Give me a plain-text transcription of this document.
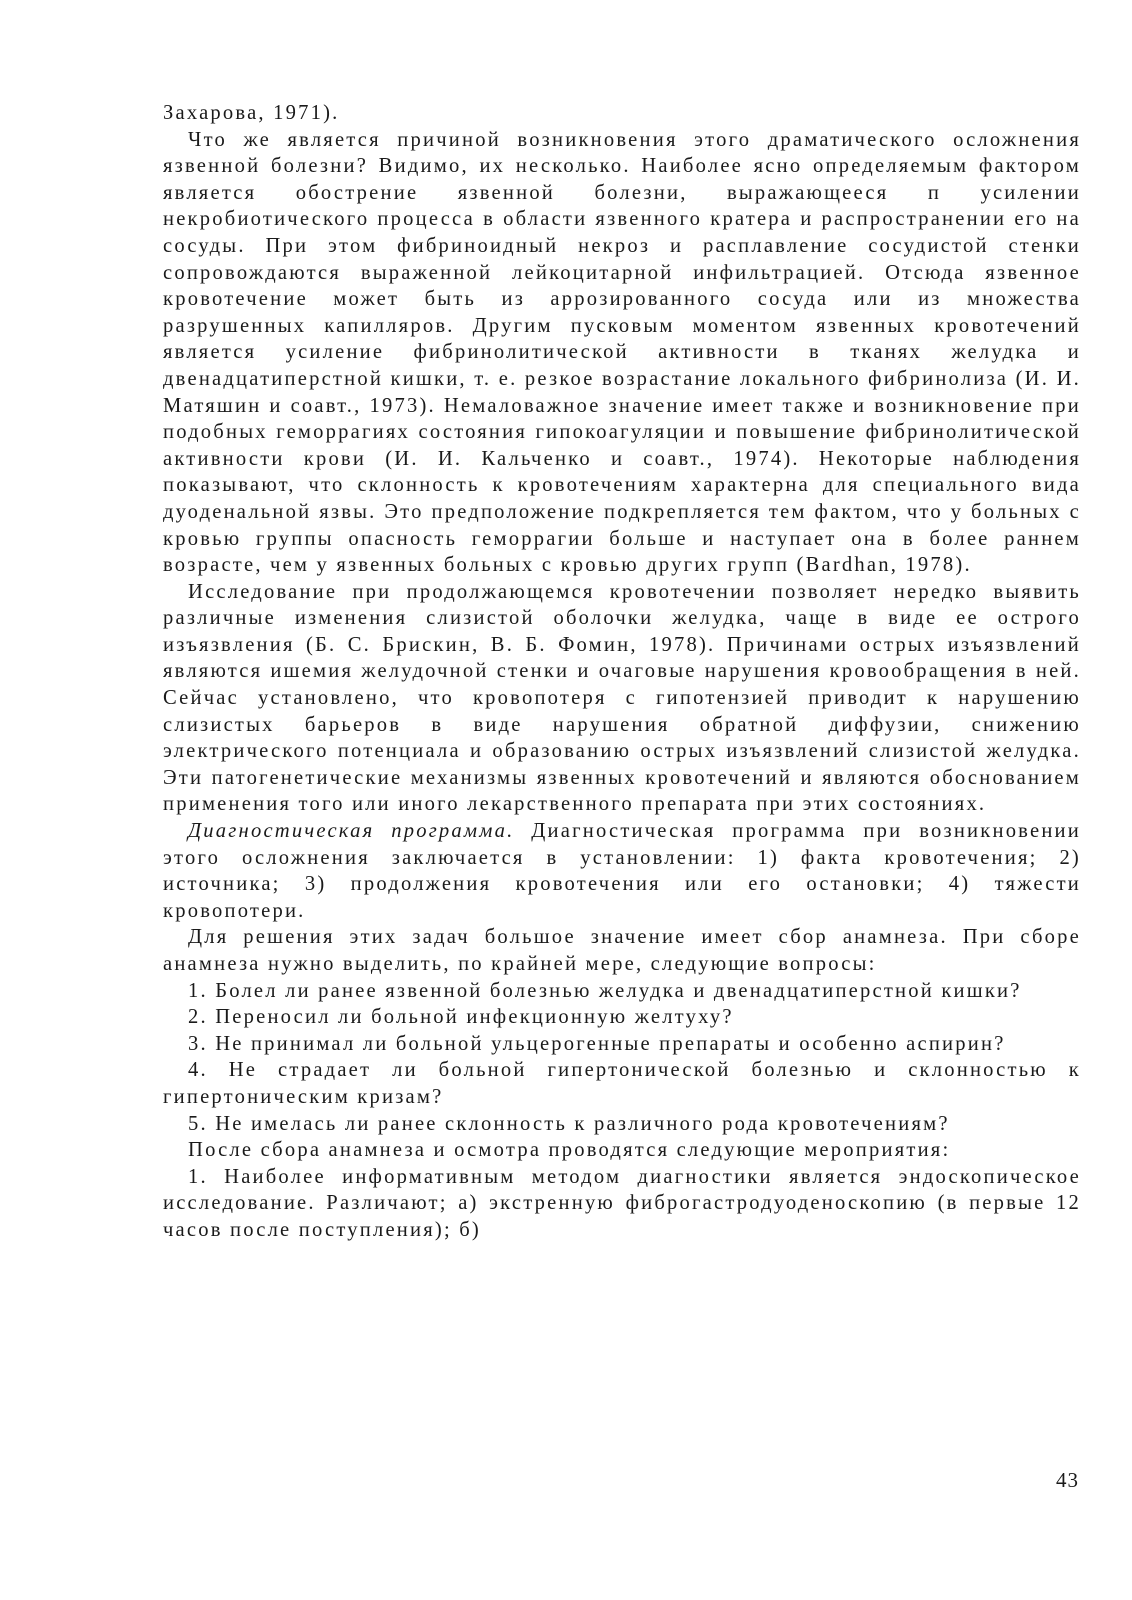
Захарова, 1971).

Что же является причиной возникновения этого драматического осложнения язвенной болезни? Видимо, их несколько. Наиболее ясно определяемым фактором является обострение язвенной болезни, выражающееся п усилении некробиотического процесса в области язвенного кратера и распространении его на сосуды. При этом фибриноидный некроз и расплавление сосудистой стенки сопровождаются выраженной лейкоцитарной инфильтрацией. Отсюда язвенное кровотечение может быть из аррозированного сосуда или из множества разрушенных капилляров. Другим пусковым моментом язвенных кровотечений является усиление фибринолитической активности в тканях желудка и двенадцатиперстной кишки, т. е. резкое возрастание локального фибринолиза (И. И. Матяшин и соавт., 1973). Немаловажное значение имеет также и возникновение при подобных геморрагиях состояния гипокоагуляции и повышение фибринолитической активности крови (И. И. Кальченко и соавт., 1974). Некоторые наблюдения показывают, что склонность к кровотечениям характерна для специального вида дуоденальной язвы. Это предположение подкрепляется тем фактом, что у больных с кровью группы опасность геморрагии больше и наступает она в более раннем возрасте, чем у язвенных больных с кровью других групп (Bardhan, 1978).

Исследование при продолжающемся кровотечении позволяет нередко выявить различные изменения слизистой оболочки желудка, чаще в виде ее острого изъязвления (Б. С. Брискин, В. Б. Фомин, 1978). Причинами острых изъязвлений являются ишемия желудочной стенки и очаговые нарушения кровообращения в ней. Сейчас установлено, что кровопотеря с гипотензией приводит к нарушению слизистых барьеров в виде нарушения обратной диффузии, снижению электрического потенциала и образованию острых изъязвлений слизистой желудка. Эти патогенетические механизмы язвенных кровотечений и являются обоснованием применения того или иного лекарственного препарата при этих состояниях.

Диагностическая программа. Диагностическая программа при возникновении этого осложнения заключается в установлении: 1) факта кровотечения; 2) источника; 3) продолжения кровотечения или его остановки; 4) тяжести кровопотери.

Для решения этих задач большое значение имеет сбор анамнеза. При сборе анамнеза нужно выделить, по крайней мере, следующие вопросы:

1. Болел ли ранее язвенной болезнью желудка и двенадцатиперстной кишки?

2. Переносил ли больной инфекционную желтуху?

3. Не принимал ли больной ульцерогенные препараты и особенно аспирин?

4. Не страдает ли больной гипертонической болезнью и склонностью к гипертоническим кризам?

5. Не имелась ли ранее склонность к различного рода кровотечениям?

После сбора анамнеза и осмотра проводятся следующие мероприятия:

1. Наиболее информативным методом диагностики является эндоскопическое исследование. Различают; а) экстренную фиброгастродуоденоскопию (в первые 12 часов после поступления); б)

43
